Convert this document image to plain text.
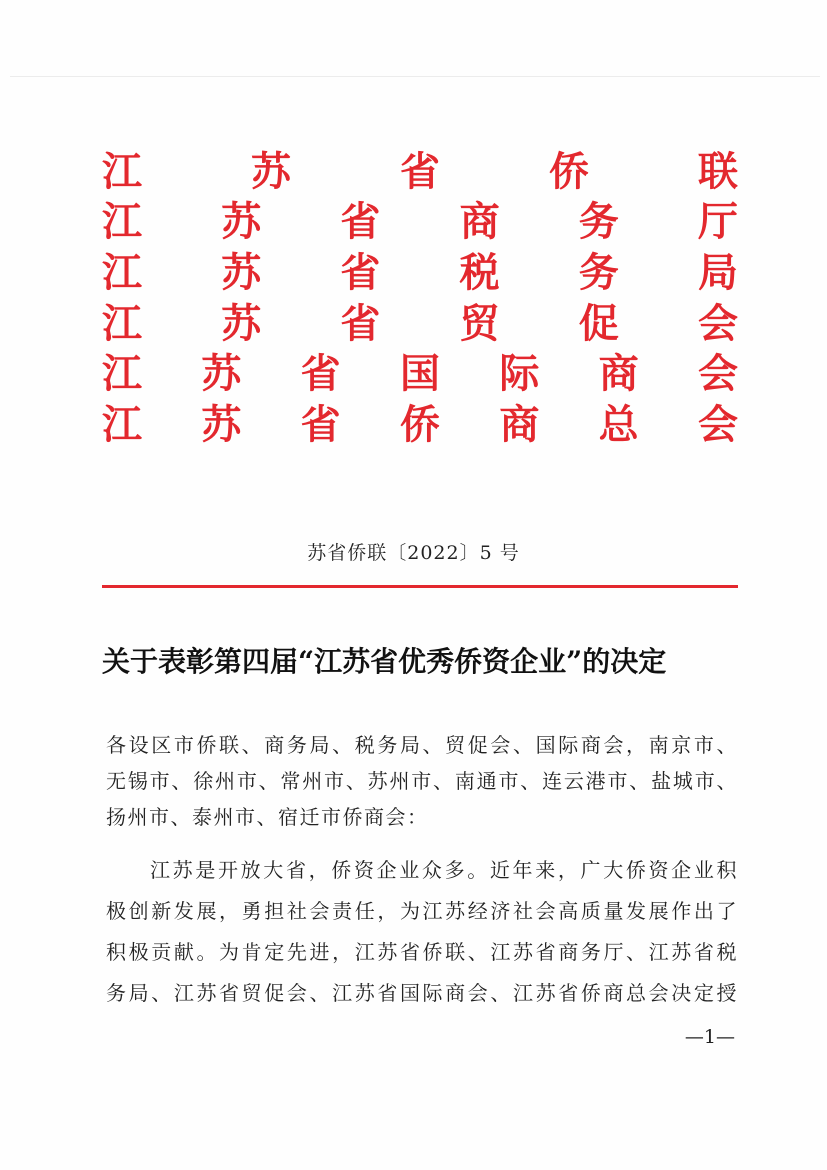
江	苏	省	侨	联
江 苏 省 商 务 厅
江 苏 省 税 务 局
江 苏 省 贸 促 会
江 苏 省 国 际 商 会
江 苏 省 侨 商 总 会
苏省侨联〔2022〕5 号
关于表彰第四届“江苏省优秀侨资企业”的决定
各设区市侨联、商务局、税务局、贸促会、国际商会，南京市、
无锡市、徐州市、常州市、苏州市、南通市、连云港市、盐城市、
扬州市、泰州市、宿迁市侨商会：
江苏是开放大省，侨资企业众多。近年来，广大侨资企业积
极创新发展，勇担社会责任，为江苏经济社会高质量发展作出了
积极贡献。为肯定先进，江苏省侨联、江苏省商务厅、江苏省税
务局、江苏省贸促会、江苏省国际商会、江苏省侨商总会决定授
—1—
